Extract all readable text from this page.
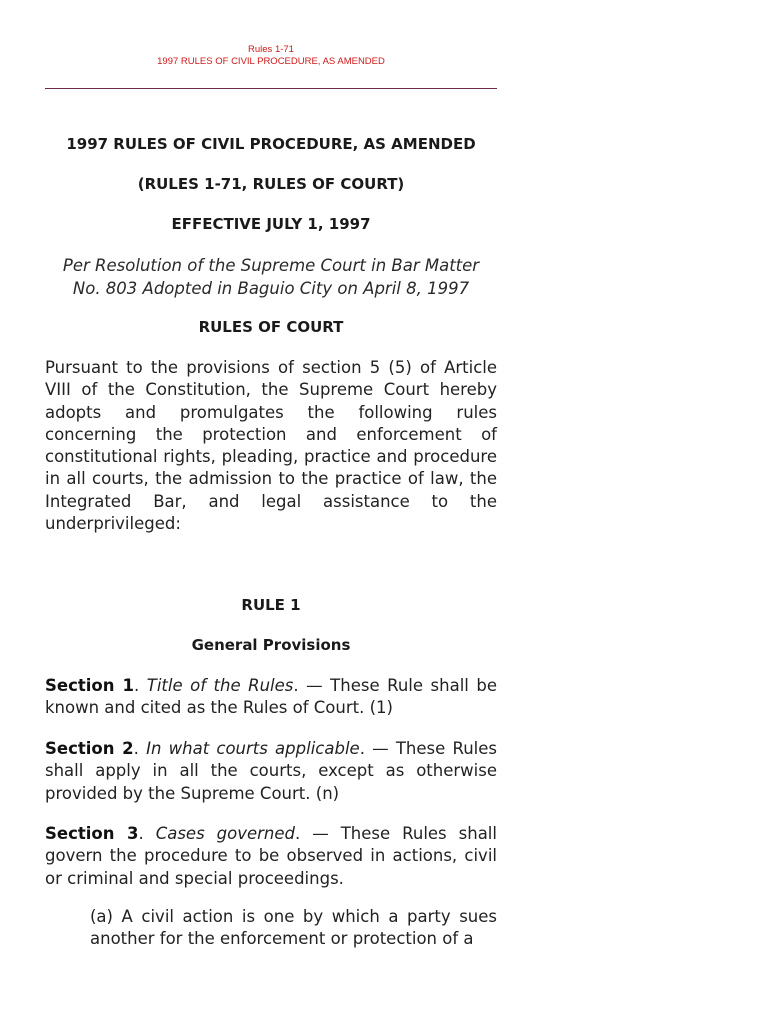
Rules 1-71
1997 RULES OF CIVIL PROCEDURE, AS AMENDED
1997 RULES OF CIVIL PROCEDURE, AS AMENDED
(RULES 1-71, RULES OF COURT)
EFFECTIVE JULY 1, 1997
Per Resolution of the Supreme Court in Bar Matter
No. 803 Adopted in Baguio City on April 8, 1997
RULES OF COURT
Pursuant to the provisions of section 5 (5) of Article VIII of the Constitution, the Supreme Court hereby adopts and promulgates the following rules concerning the protection and enforcement of constitutional rights, pleading, practice and procedure in all courts, the admission to the practice of law, the Integrated Bar, and legal assistance to the underprivileged:
RULE 1
General Provisions
Section 1. Title of the Rules. — These Rule shall be known and cited as the Rules of Court. (1)
Section 2. In what courts applicable. — These Rules shall apply in all the courts, except as otherwise provided by the Supreme Court. (n)
Section 3. Cases governed. — These Rules shall govern the procedure to be observed in actions, civil or criminal and special proceedings.
(a) A civil action is one by which a party sues another for the enforcement or protection of a
